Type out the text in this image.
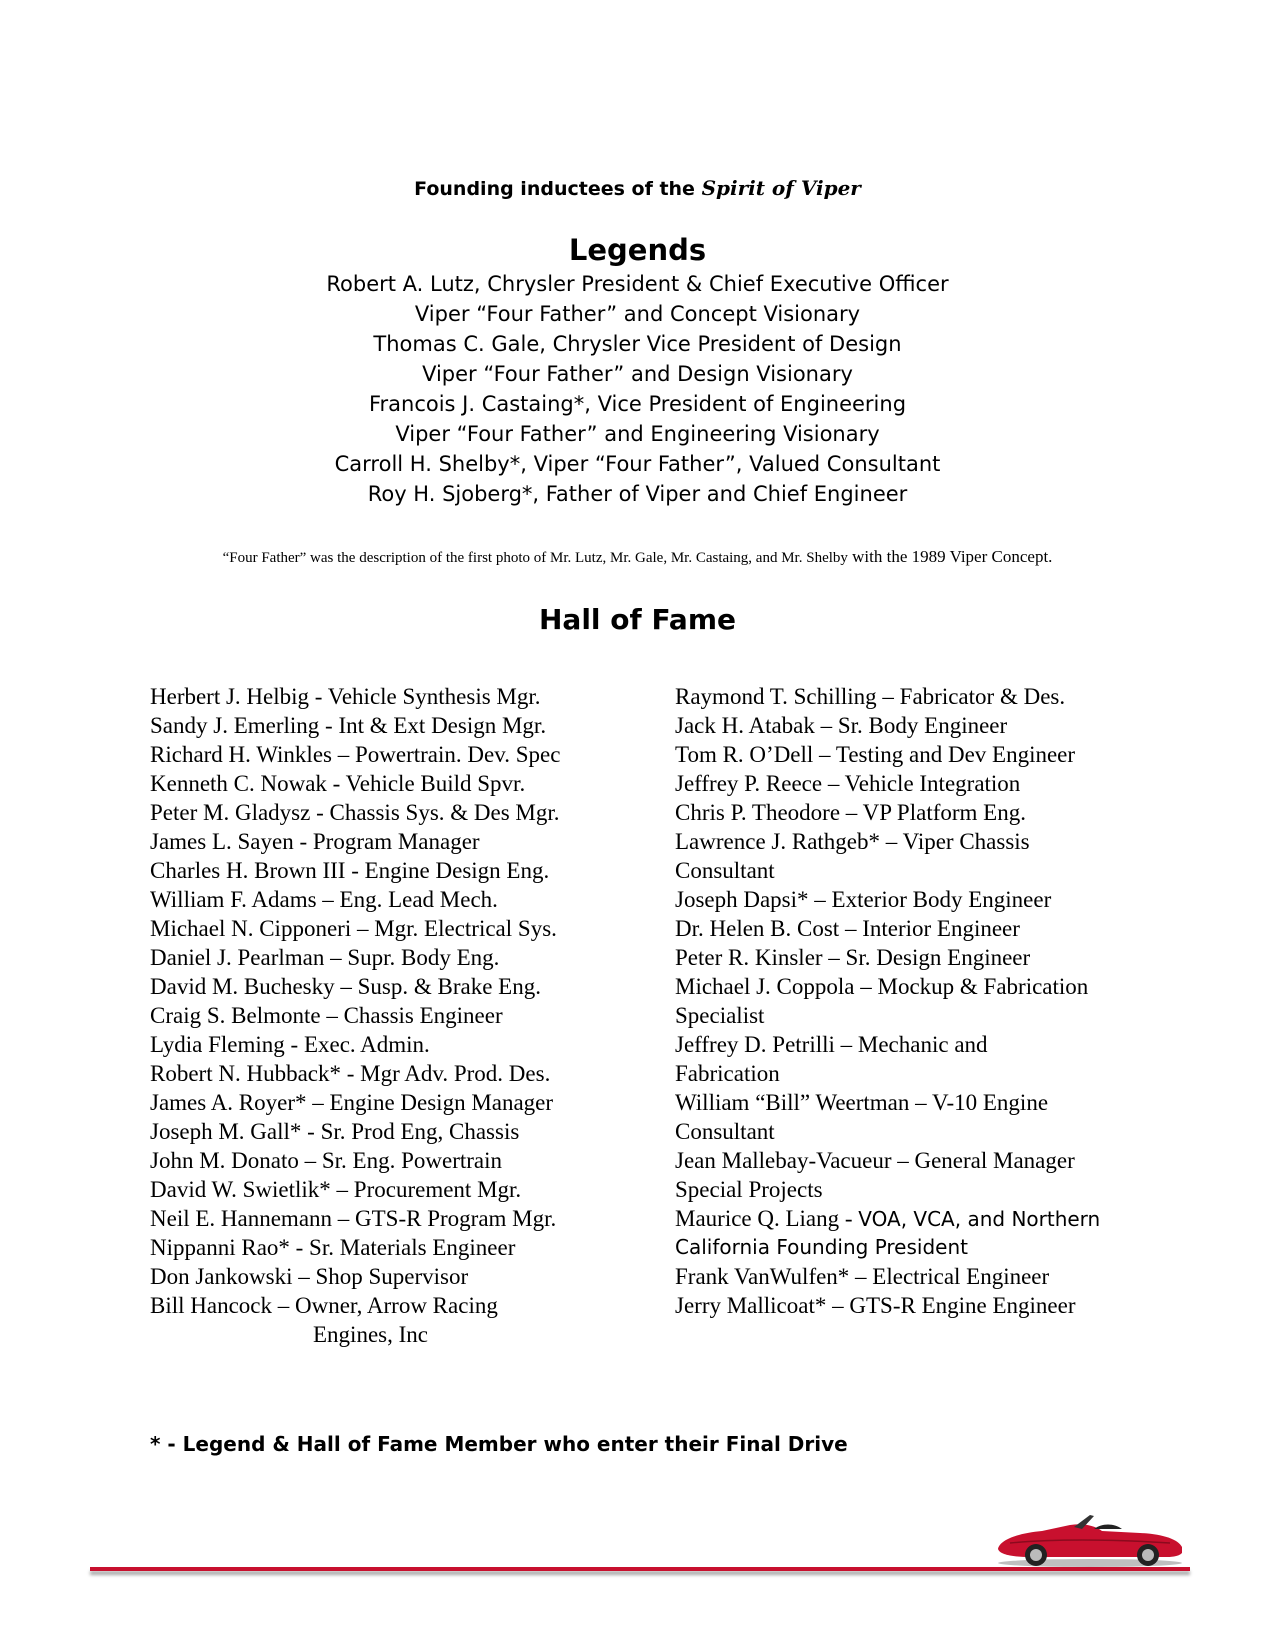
Founding inductees of the Spirit of Viper
Legends
Robert A. Lutz, Chrysler President & Chief Executive Officer
Viper “Four Father” and Concept Visionary
Thomas C. Gale, Chrysler Vice President of Design
Viper “Four Father” and Design Visionary
Francois J. Castaing*, Vice President of Engineering
Viper “Four Father” and Engineering Visionary
Carroll H. Shelby*, Viper “Four Father”, Valued Consultant
Roy H. Sjoberg*, Father of Viper and Chief Engineer
“Four Father” was the description of the first photo of Mr. Lutz, Mr. Gale, Mr. Castaing, and Mr. Shelby with the 1989 Viper Concept.
Hall of Fame
Herbert J. Helbig - Vehicle Synthesis Mgr.
Sandy J. Emerling - Int & Ext Design Mgr.
Richard H. Winkles – Powertrain. Dev. Spec
Kenneth C. Nowak - Vehicle Build Spvr.
Peter M. Gladysz - Chassis Sys. & Des Mgr.
James L. Sayen - Program Manager
Charles H. Brown III - Engine Design Eng.
William F. Adams – Eng. Lead Mech.
Michael N. Cipponeri – Mgr. Electrical Sys.
Daniel J. Pearlman – Supr. Body Eng.
David M. Buchesky – Susp. & Brake Eng.
Craig S. Belmonte – Chassis Engineer
Lydia Fleming - Exec. Admin.
Robert N. Hubback* - Mgr Adv. Prod. Des.
James A. Royer* – Engine Design Manager
Joseph M. Gall* - Sr. Prod Eng, Chassis
John M. Donato – Sr. Eng. Powertrain
David W. Swietlik* – Procurement Mgr.
Neil E. Hannemann – GTS-R Program Mgr.
Nippanni Rao* - Sr. Materials Engineer
Don Jankowski – Shop Supervisor
Bill Hancock – Owner, Arrow Racing
Engines, Inc
Raymond T. Schilling – Fabricator & Des.
Jack H. Atabak – Sr. Body Engineer
Tom R. O’Dell – Testing and Dev Engineer
Jeffrey P. Reece – Vehicle Integration
Chris P. Theodore – VP Platform Eng.
Lawrence J. Rathgeb* – Viper Chassis
Consultant
Joseph Dapsi* – Exterior Body Engineer
Dr. Helen B. Cost – Interior Engineer
Peter R. Kinsler – Sr. Design Engineer
Michael J. Coppola – Mockup & Fabrication
Specialist
Jeffrey D. Petrilli – Mechanic and
Fabrication
William “Bill” Weertman – V-10 Engine
Consultant
Jean Mallebay-Vacueur – General Manager
Special Projects
Maurice Q. Liang - VOA, VCA, and Northern
California Founding President
Frank VanWulfen* – Electrical Engineer
Jerry Mallicoat* – GTS-R Engine Engineer
* - Legend & Hall of Fame Member who enter their Final Drive
